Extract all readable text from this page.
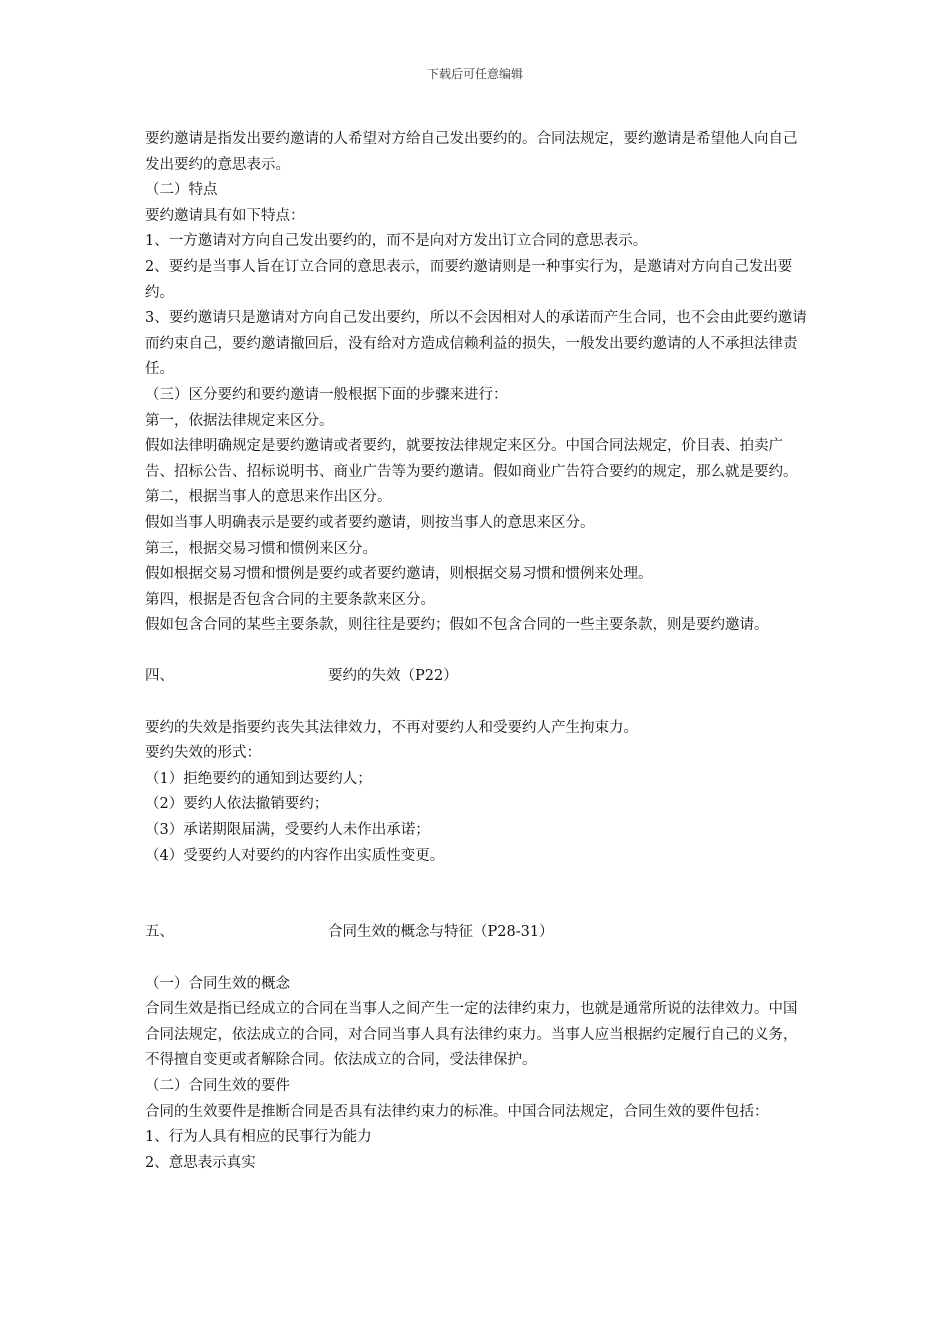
下载后可任意编辑

要约邀请是指发出要约邀请的人希望对方给自己发出要约的。合同法规定，要约邀请是希望他人向自己发出要约的意思表示。

（二）特点

要约邀请具有如下特点：

1、一方邀请对方向自己发出要约的，而不是向对方发出订立合同的意思表示。

2、要约是当事人旨在订立合同的意思表示，而要约邀请则是一种事实行为，是邀请对方向自己发出要约。

3、要约邀请只是邀请对方向自己发出要约，所以不会因相对人的承诺而产生合同，也不会由此要约邀请而约束自己，要约邀请撤回后，没有给对方造成信赖利益的损失，一般发出要约邀请的人不承担法律责任。

（三）区分要约和要约邀请一般根据下面的步骤来进行：

第一，依据法律规定来区分。

假如法律明确规定是要约邀请或者要约，就要按法律规定来区分。中国合同法规定，价目表、拍卖广告、招标公告、招标说明书、商业广告等为要约邀请。假如商业广告符合要约的规定，那么就是要约。

第二，根据当事人的意思来作出区分。

假如当事人明确表示是要约或者要约邀请，则按当事人的意思来区分。

第三，根据交易习惯和惯例来区分。

假如根据交易习惯和惯例是要约或者要约邀请，则根据交易习惯和惯例来处理。

第四，根据是否包含合同的主要条款来区分。

假如包含合同的某些主要条款，则往往是要约；假如不包含合同的一些主要条款，则是要约邀请。

四、	要约的失效（P22）

要约的失效是指要约丧失其法律效力，不再对要约人和受要约人产生拘束力。

要约失效的形式：

（1）拒绝要约的通知到达要约人；

（2）要约人依法撤销要约；

（3）承诺期限届满，受要约人未作出承诺；

（4）受要约人对要约的内容作出实质性变更。

五、	合同生效的概念与特征（P28-31）

（一）合同生效的概念

合同生效是指已经成立的合同在当事人之间产生一定的法律约束力，也就是通常所说的法律效力。中国合同法规定，依法成立的合同，对合同当事人具有法律约束力。当事人应当根据约定履行自己的义务，不得擅自变更或者解除合同。依法成立的合同，受法律保护。

（二）合同生效的要件

合同的生效要件是推断合同是否具有法律约束力的标准。中国合同法规定，合同生效的要件包括：

1、行为人具有相应的民事行为能力

2、意思表示真实
